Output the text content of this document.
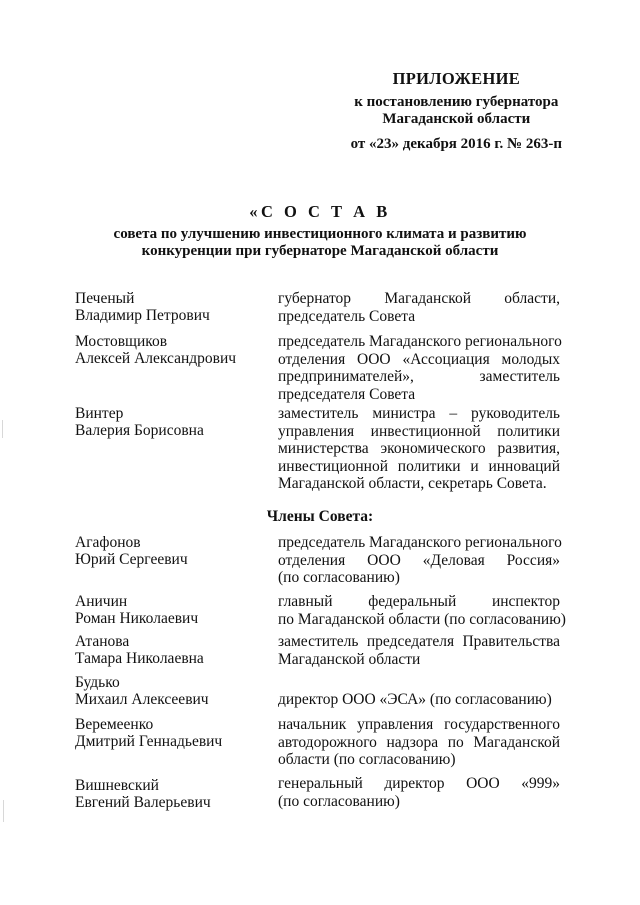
ПРИЛОЖЕНИЕ
к постановлению губернатора
Магаданской области
от «23» декабря 2016 г. № 263-п
«С О С Т А В
совета по улучшению инвестиционного климата и развитию
конкуренции при губернаторе Магаданской области
Печеный
Владимир Петрович
губернатор Магаданской области,
председатель Совета
Мостовщиков
Алексей Александрович
председатель Магаданского регионального
отделения ООО «Ассоциация молодых
предпринимателей», заместитель
председателя Совета
Винтер
Валерия Борисовна
заместитель министра – руководитель
управления инвестиционной политики
министерства экономического развития,
инвестиционной политики и инноваций
Магаданской области, секретарь Совета.
Члены Совета:
Агафонов
Юрий Сергеевич
председатель Магаданского регионального
отделения ООО «Деловая Россия»
(по согласованию)
Аничин
Роман Николаевич
главный федеральный инспектор
по Магаданской области (по согласованию)
Атанова
Тамара Николаевна
заместитель председателя Правительства
Магаданской области
Будько
Михаил Алексеевич	директор ООО «ЭСА» (по согласованию)
Веремеенко
Дмитрий Геннадьевич
начальник управления государственного
автодорожного надзора по Магаданской
области (по согласованию)
Вишневский
Евгений Валерьевич
генеральный директор ООО «999»
(по согласованию)
